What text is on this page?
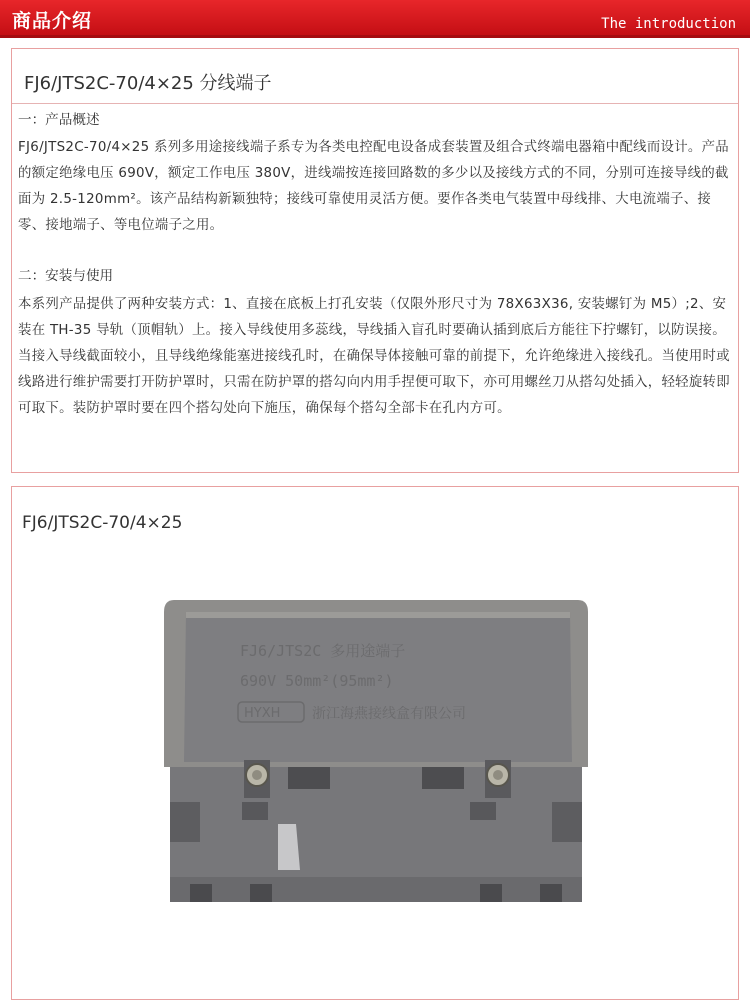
商品介绍	The introduction
FJ6/JTS2C-70/4×25 分线端子
一：产品概述
FJ6/JTS2C-70/4×25 系列多用途接线端子系专为各类电控配电设备成套装置及组合式终端电器箱中配线而设计。产品的额定绝缘电压 690V，额定工作电压 380V，进线端按连接回路数的多少以及接线方式的不同，分别可连接导线的截面为 2.5-120mm²。该产品结构新颖独特；接线可靠使用灵活方便。要作各类电气装置中母线排、大电流端子、接零、接地端子、等电位端子之用。
二：安装与使用
本系列产品提供了两种安装方式：1、直接在底板上打孔安装（仅限外形尺寸为 78X63X36, 安装螺钉为 M5）;2、安装在 TH-35 导轨（顶帽轨）上。接入导线使用多蕊线，导线插入盲孔时要确认插到底后方能往下拧螺钉，以防误接。当接入导线截面较小，且导线绝缘能塞进接线孔时，在确保导体接触可靠的前提下，允许绝缘进入接线孔。当使用时或线路进行维护需要打开防护罩时，只需在防护罩的搭勾向内用手捏便可取下，亦可用螺丝刀从搭勾处插入，轻轻旋转即可取下。装防护罩时要在四个搭勾处向下施压，确保每个搭勾全部卡在孔内方可。
FJ6/JTS2C-70/4×25
FJ6/JTS2C 多用途端子
690V 50mm²(95mm²)
HYXH 浙江海燕接线盒有限公司
